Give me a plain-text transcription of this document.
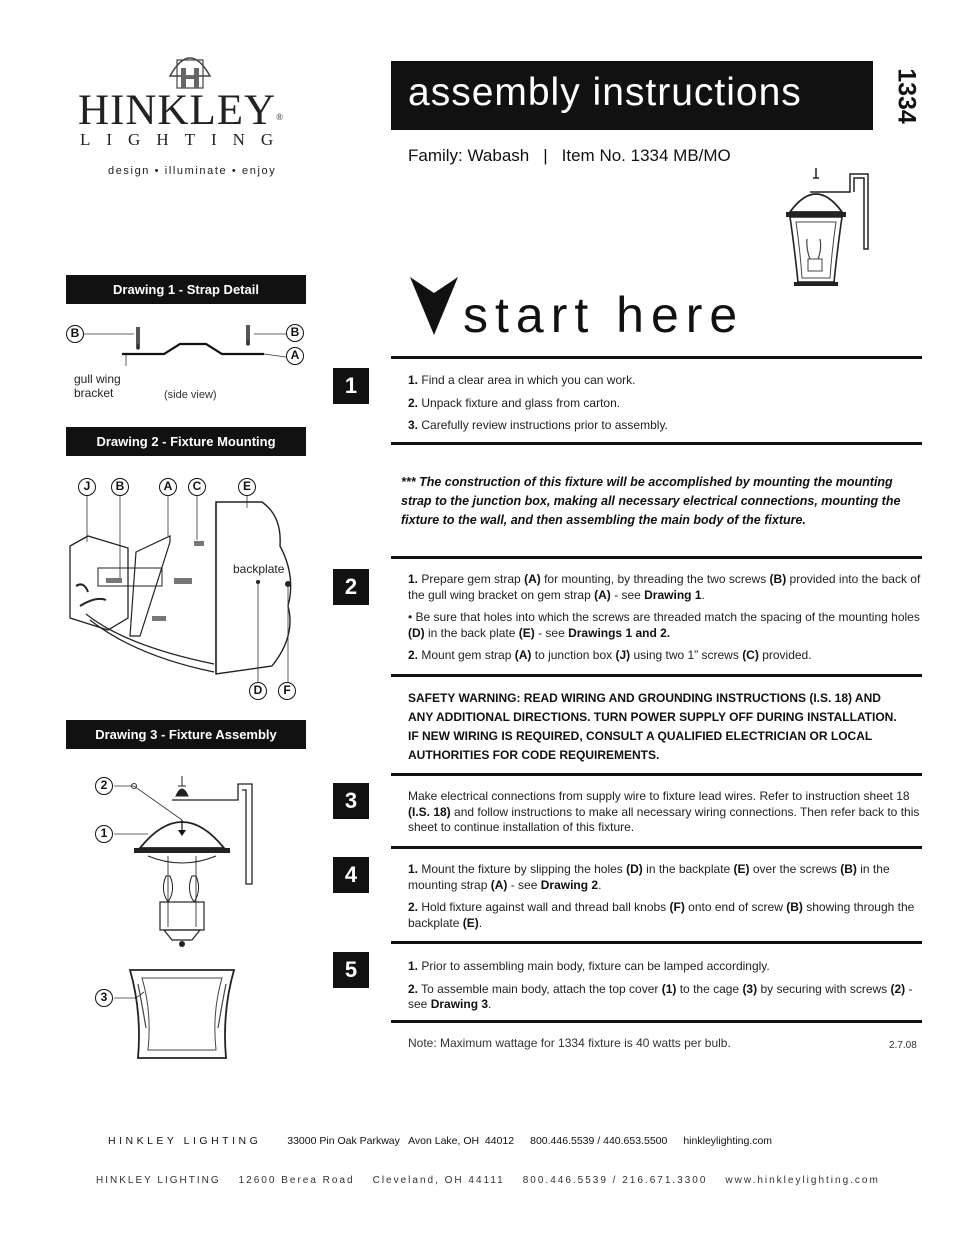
HINKLEY®
LIGHTING
design • illuminate • enjoy
assembly instructions	1334
Family: Wabash | Item No. 1334 MB/MO
start here
Drawing 1 - Strap Detail
B	B
A
gull wing
bracket	(side view)
Drawing 2 - Fixture Mounting
J	B	A	C	E
backplate
D	F
Drawing 3 - Fixture Assembly
2
1
3
1	1. Find a clear area in which you can work.

2. Unpack fixture and glass from carton.

3. Carefully review instructions prior to assembly.

*** The construction of this fixture will be accomplished by mounting the mounting strap to the junction box, making all necessary electrical connections, mounting the fixture to the wall, and then assembling the main body of the fixture.
2	1. Prepare gem strap (A) for mounting, by threading the two screws (B) provided into the back of the gull wing bracket on gem strap (A) - see Drawing 1.

• Be sure that holes into which the screws are threaded match the spacing of the mounting holes (D) in the back plate (E) - see Drawings 1 and 2.

2. Mount gem strap (A) to junction box (J) using two 1” screws (C) provided.

SAFETY WARNING: READ WIRING AND GROUNDING INSTRUCTIONS (I.S. 18) AND ANY ADDITIONAL DIRECTIONS. TURN POWER SUPPLY OFF DURING INSTALLATION. IF NEW WIRING IS REQUIRED, CONSULT A QUALIFIED ELECTRICIAN OR LOCAL AUTHORITIES FOR CODE REQUIREMENTS.
3	Make electrical connections from supply wire to fixture lead wires. Refer to instruction sheet 18 (I.S. 18) and follow instructions to make all necessary wiring connections. Then refer back to this sheet to continue installation of this fixture.

4	1. Mount the fixture by slipping the holes (D) in the backplate (E) over the screws (B) in the mounting strap (A) - see Drawing 2.

2. Hold fixture against wall and thread ball knobs (F) onto end of screw (B) showing through the backplate (E).

5	1. Prior to assembling main body, fixture can be lamped accordingly.

2. To assemble main body, attach the top cover (1) to the cage (3) by securing with screws (2) - see Drawing 3.

Note: Maximum wattage for 1334 fixture is 40 watts per bulb.	2.7.08
HINKLEY LIGHTING 33000 Pin Oak Parkway   Avon Lake, OH  44012 800.446.5539 / 440.653.5500 hinkleylighting.com
HINKLEY LIGHTING 12600 Berea Road Cleveland, OH 44111 800.446.5539 / 216.671.3300 www.hinkleylighting.com
